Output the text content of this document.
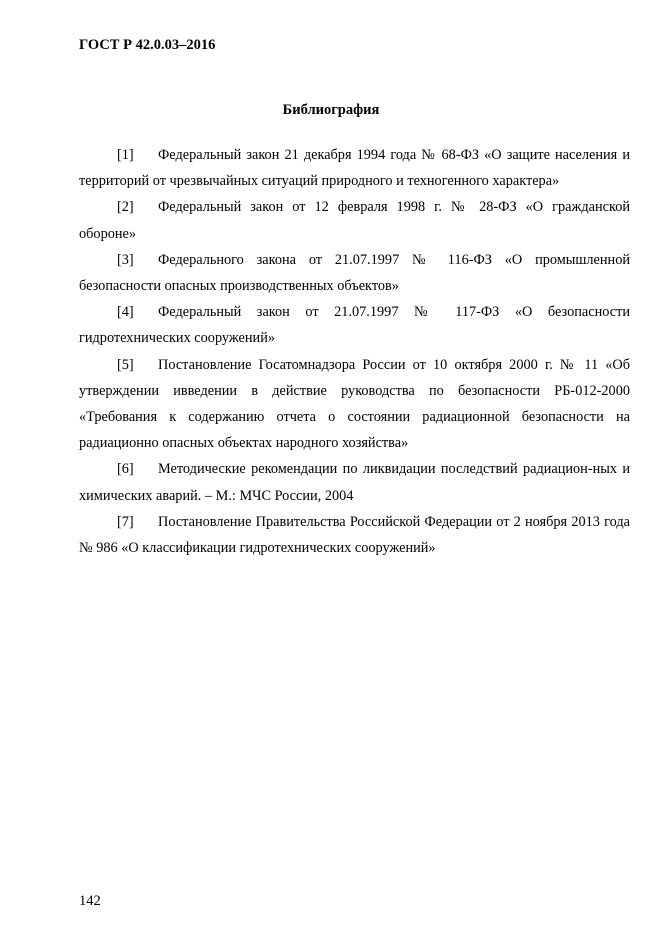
ГОСТ Р 42.0.03–2016
Библиография

[1] Федеральный закон 21 декабря 1994 года № 68-ФЗ «О защите населения и территорий от чрезвычайных ситуаций природного и техногенного характера»

[2] Федеральный закон от 12 февраля 1998 г. № 28-ФЗ «О гражданской обороне»

[3] Федерального закона от 21.07.1997 № 116-ФЗ «О промышленной безопасности опасных производственных объектов»

[4] Федеральный закон от 21.07.1997 № 117-ФЗ «О безопасности гидротехнических сооружений»

[5] Постановление Госатомнадзора России от 10 октября 2000 г. № 11 «Об утверждении ивведении в действие руководства по безопасности РБ-012-2000 «Требования к содержанию отчета о состоянии радиационной безопасности на радиационно опасных объектах народного хозяйства»

[6] Методические рекомендации по ликвидации последствий радиацион-ных и химических аварий. – М.: МЧС России, 2004

[7] Постановление Правительства Российской Федерации от 2 ноября 2013 года № 986 «О классификации гидротехнических сооружений»

142
